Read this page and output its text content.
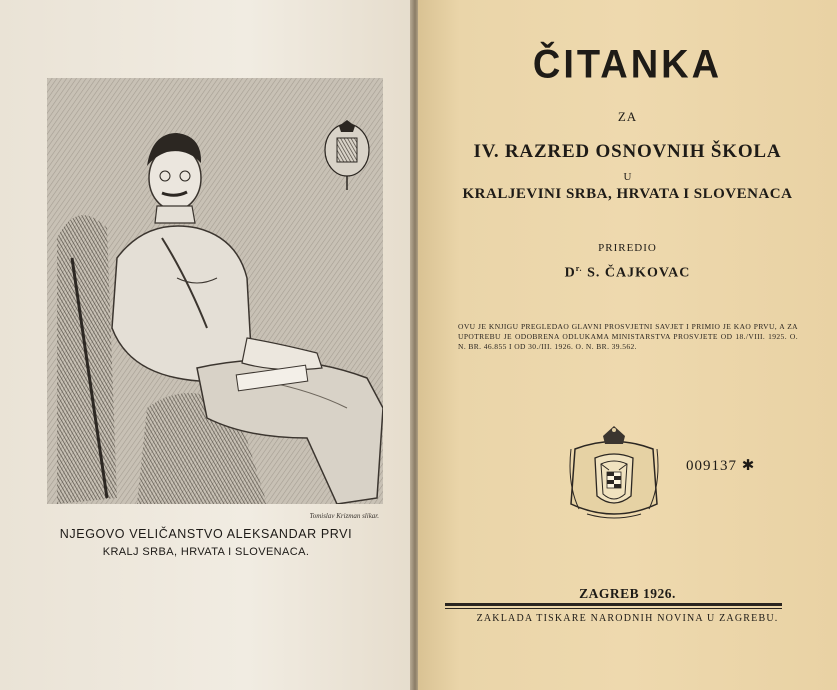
Tomislav Krizman slikar.
NJEGOVO VELIČANSTVO ALEKSANDAR PRVI
KRALJ SRBA, HRVATA I SLOVENACA.
ČITANKA
ZA
IV. RAZRED OSNOVNIH ŠKOLA
U
KRALJEVINI SRBA, HRVATA I SLOVENACA
PRIREDIO
$D^{r.}$ S. ČAJKOVAC
OVU JE KNJIGU PREGLEDAO GLAVNI PROSVJETNI SAVJET I PRIMIO JE KAO PRVU, A ZA UPOTREBU JE ODOBRENA ODLUKAMA MINISTARSTVA PROSVJETE OD 18./VIII. 1925. O. N. BR. 46.855 I OD 30./III. 1926. O. N. BR. 39.562.
009137 ✱
ZAGREB 1926.
ZAKLADA TISKARE NARODNIH NOVINA U ZAGREBU.
